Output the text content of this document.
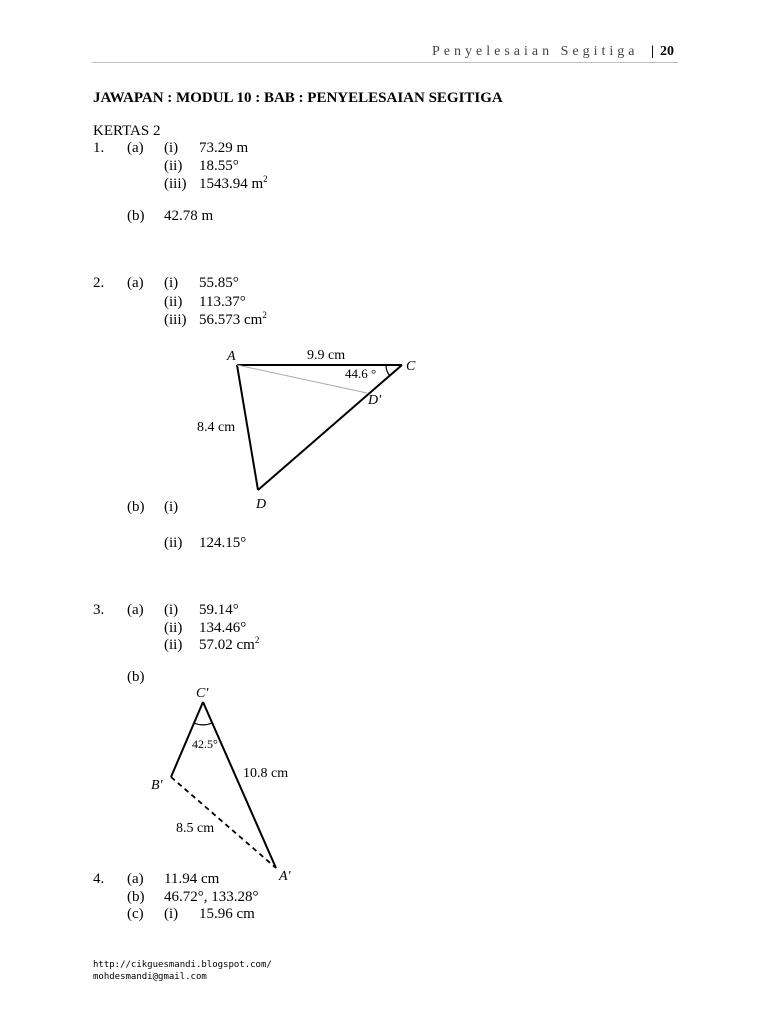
Penyelesaian Segitiga | 20
JAWAPAN : MODUL 10 : BAB : PENYELESAIAN SEGITIGA
KERTAS 2
1. (a) (i) 73.29 m
(ii) 18.55°
(iii) 1543.94 $m^2$
(b) 42.78 m
2. (a) (i) 55.85°
(ii) 113.37°
(iii) 56.573 $cm^2$
A
C
D
D'
9.9 cm
8.4 cm
44.6 °
(b) (i)
(ii) 124.15°
3. (a) (i) 59.14°
(ii) 134.46°
(ii) 57.02 $cm^2$
(b)
C'
B'
A'
42.5°
10.8 cm
8.5 cm
4. (a) 11.94 cm
(b) 46.72°, 133.28°
(c) (i) 15.96 cm
http://cikguesmandi.blogspot.com/
mohdesmandi@gmail.com
